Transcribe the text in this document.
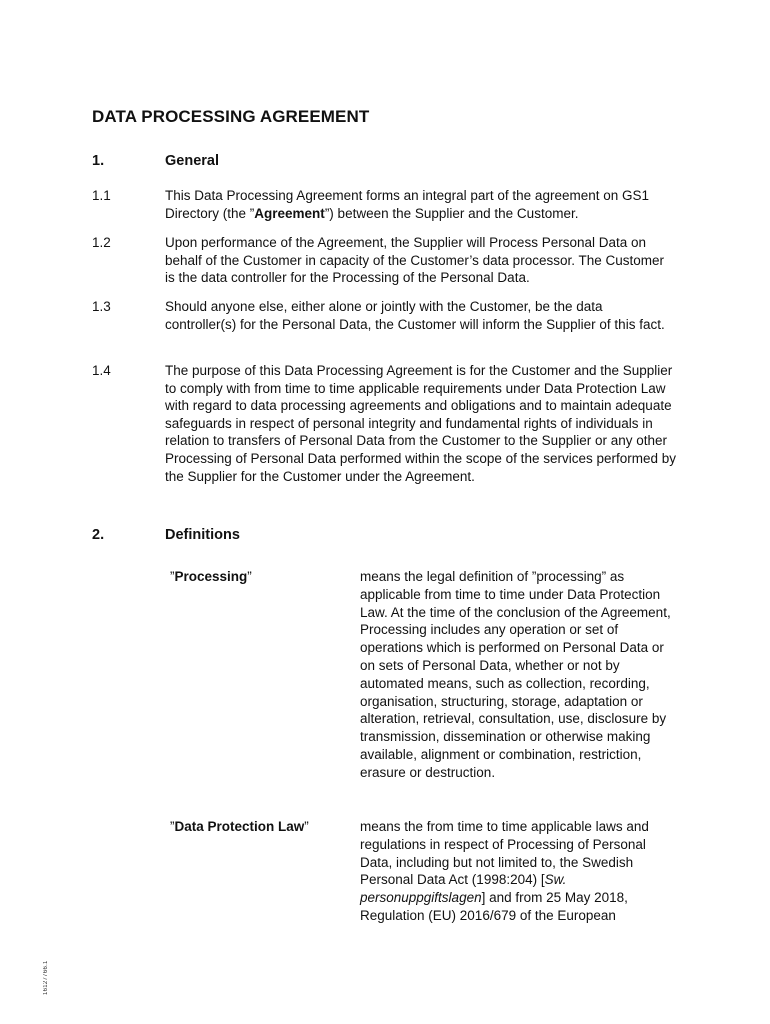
DATA PROCESSING AGREEMENT
1.	General
1.1	This Data Processing Agreement forms an integral part of the agreement on GS1 Directory (the ”Agreement”) between the Supplier and the Customer.
1.2	Upon performance of the Agreement, the Supplier will Process Personal Data on behalf of the Customer in capacity of the Customer’s data processor. The Customer is the data controller for the Processing of the Personal Data.
1.3	Should anyone else, either alone or jointly with the Customer, be the data controller(s) for the Personal Data, the Customer will inform the Supplier of this fact.
1.4	The purpose of this Data Processing Agreement is for the Customer and the Supplier to comply with from time to time applicable requirements under Data Protection Law with regard to data processing agreements and obligations and to maintain adequate safeguards in respect of personal integrity and fundamental rights of individuals in relation to transfers of Personal Data from the Customer to the Supplier or any other Processing of Personal Data performed within the scope of the services performed by the Supplier for the Customer under the Agreement.
2.	Definitions
”Processing”	means the legal definition of ”processing” as applicable from time to time under Data Protection Law. At the time of the conclusion of the Agreement, Processing includes any operation or set of operations which is performed on Personal Data or on sets of Personal Data, whether or not by automated means, such as collection, recording, organisation, structuring, storage, adaptation or alteration, retrieval, consultation, use, disclosure by transmission, dissemination or otherwise making available, alignment or combination, restriction, erasure or destruction.
”Data Protection Law”	means the from time to time applicable laws and regulations in respect of Processing of Personal Data, including but not limited to, the Swedish Personal Data Act (1998:204) [Sw. personuppgiftslagen] and from 25 May 2018, Regulation (EU) 2016/679 of the European
16127766.1
